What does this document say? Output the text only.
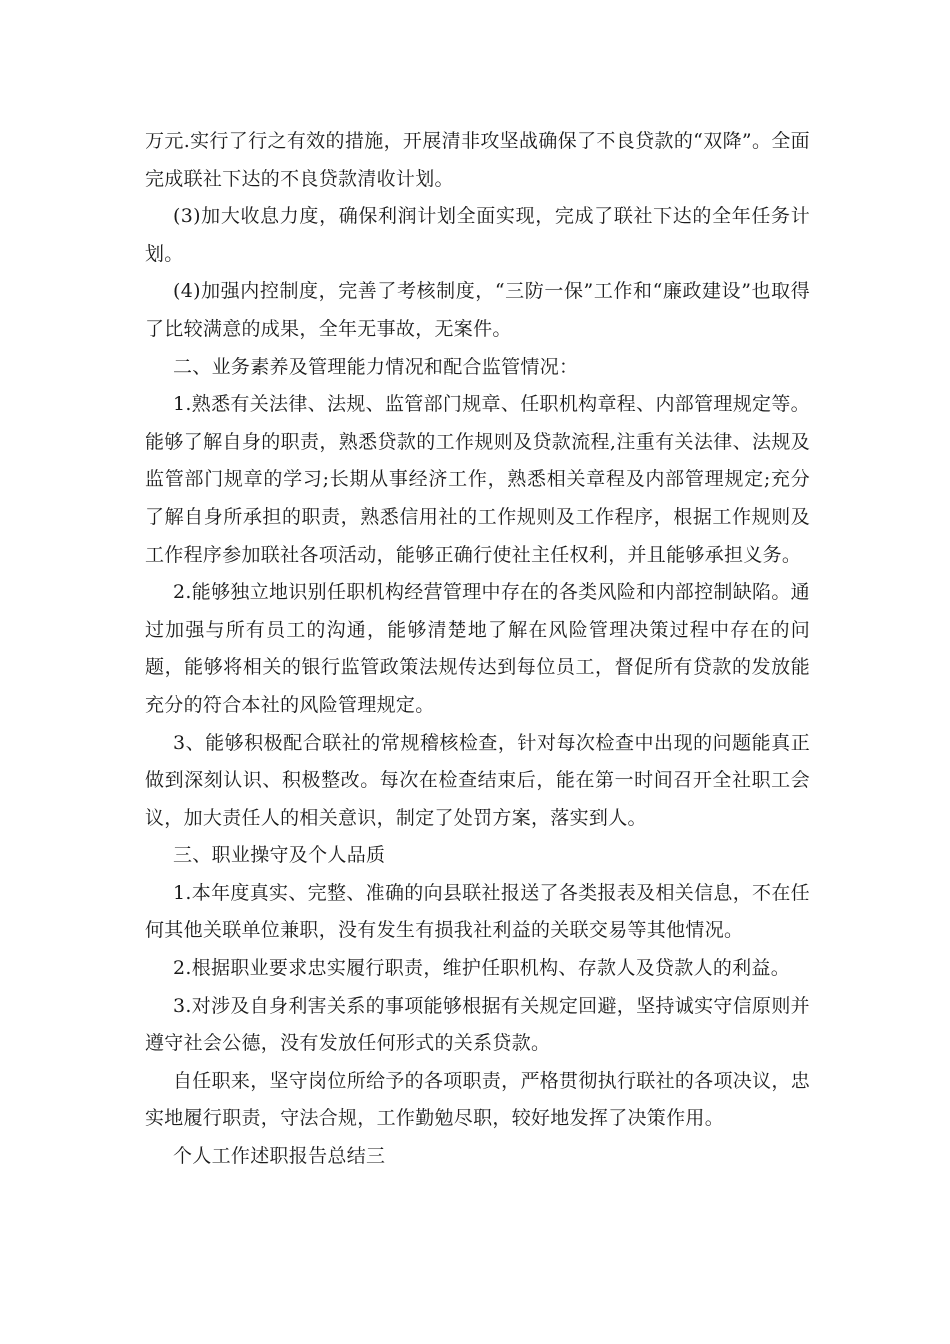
万元.实行了行之有效的措施，开展清非攻坚战确保了不良贷款的“双降”。全面完成联社下达的不良贷款清收计划。

(3)加大收息力度，确保利润计划全面实现，完成了联社下达的全年任务计划。

(4)加强内控制度，完善了考核制度，“三防一保”工作和“廉政建设”也取得了比较满意的成果，全年无事故，无案件。

二、业务素养及管理能力情况和配合监管情况：

1.熟悉有关法律、法规、监管部门规章、任职机构章程、内部管理规定等。能够了解自身的职责，熟悉贷款的工作规则及贷款流程,注重有关法律、法规及监管部门规章的学习;长期从事经济工作，熟悉相关章程及内部管理规定;充分了解自身所承担的职责，熟悉信用社的工作规则及工作程序，根据工作规则及工作程序参加联社各项活动，能够正确行使社主任权利，并且能够承担义务。

2.能够独立地识别任职机构经营管理中存在的各类风险和内部控制缺陷。通过加强与所有员工的沟通，能够清楚地了解在风险管理决策过程中存在的问题，能够将相关的银行监管政策法规传达到每位员工，督促所有贷款的发放能充分的符合本社的风险管理规定。

3、能够积极配合联社的常规稽核检查，针对每次检查中出现的问题能真正做到深刻认识、积极整改。每次在检查结束后，能在第一时间召开全社职工会议，加大责任人的相关意识，制定了处罚方案，落实到人。

三、职业操守及个人品质

1.本年度真实、完整、准确的向县联社报送了各类报表及相关信息，不在任何其他关联单位兼职，没有发生有损我社利益的关联交易等其他情况。

2.根据职业要求忠实履行职责，维护任职机构、存款人及贷款人的利益。

3.对涉及自身利害关系的事项能够根据有关规定回避，坚持诚实守信原则并遵守社会公德，没有发放任何形式的关系贷款。

自任职来，坚守岗位所给予的各项职责，严格贯彻执行联社的各项决议，忠实地履行职责，守法合规，工作勤勉尽职，较好地发挥了决策作用。

个人工作述职报告总结三
